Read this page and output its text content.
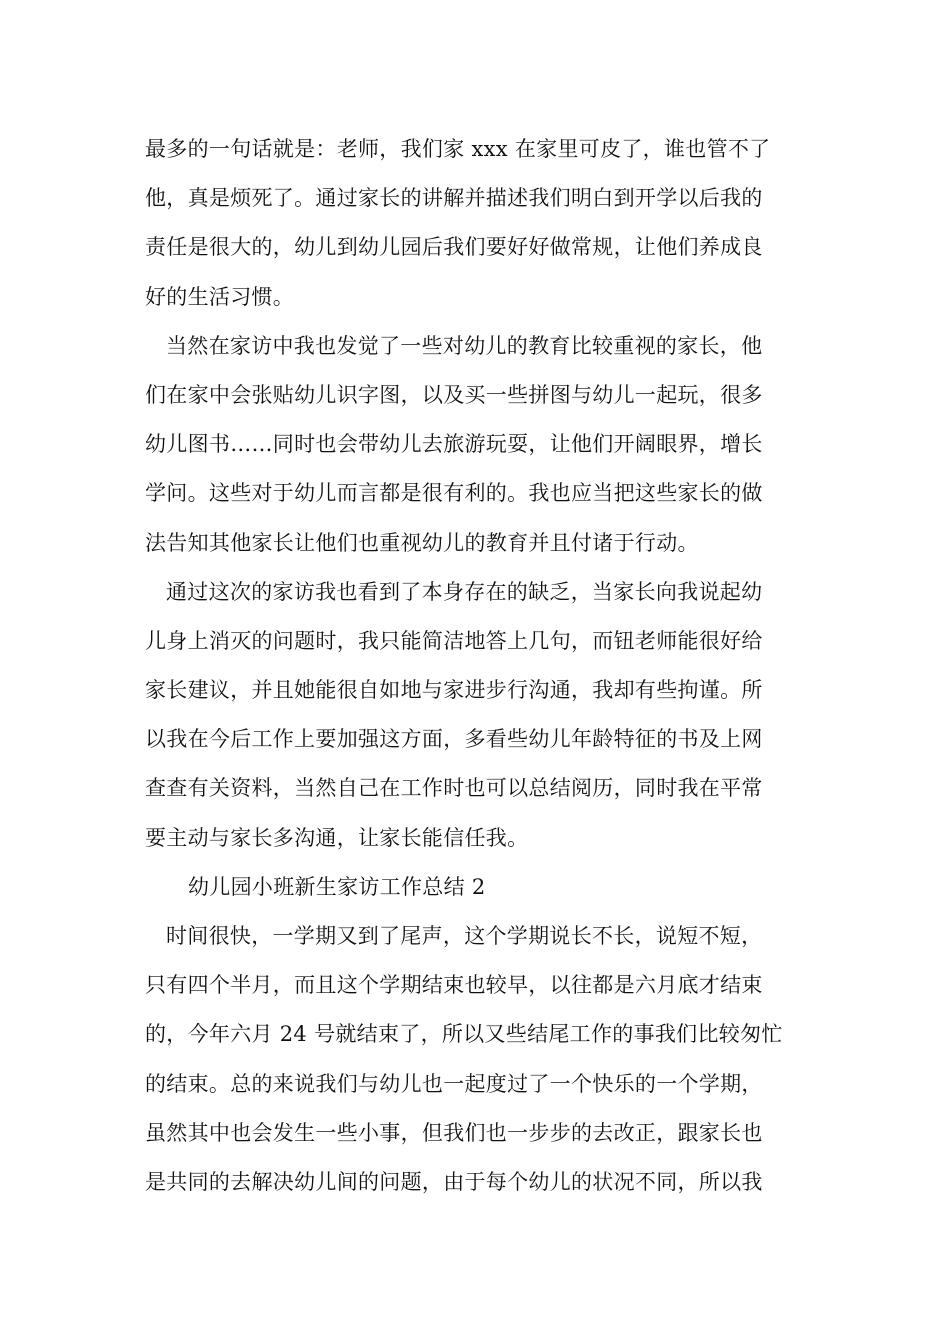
最多的一句话就是：老师，我们家 xxx 在家里可皮了，谁也管不了
他，真是烦死了。通过家长的讲解并描述我们明白到开学以后我的
责任是很大的，幼儿到幼儿园后我们要好好做常规，让他们养成良
好的生活习惯。
当然在家访中我也发觉了一些对幼儿的教育比较重视的家长，他
们在家中会张贴幼儿识字图，以及买一些拼图与幼儿一起玩，很多
幼儿图书……同时也会带幼儿去旅游玩耍，让他们开阔眼界，增长
学问。这些对于幼儿而言都是很有利的。我也应当把这些家长的做
法告知其他家长让他们也重视幼儿的教育并且付诸于行动。
通过这次的家访我也看到了本身存在的缺乏，当家长向我说起幼
儿身上消灭的问题时，我只能简洁地答上几句，而钮老师能很好给
家长建议，并且她能很自如地与家进步行沟通，我却有些拘谨。所
以我在今后工作上要加强这方面，多看些幼儿年龄特征的书及上网
查查有关资料，当然自己在工作时也可以总结阅历，同时我在平常
要主动与家长多沟通，让家长能信任我。
幼儿园小班新生家访工作总结 2
时间很快，一学期又到了尾声，这个学期说长不长，说短不短，
只有四个半月，而且这个学期结束也较早，以往都是六月底才结束
的，今年六月 24 号就结束了，所以又些结尾工作的事我们比较匆忙
的结束。总的来说我们与幼儿也一起度过了一个快乐的一个学期，
虽然其中也会发生一些小事，但我们也一步步的去改正，跟家长也
是共同的去解决幼儿间的问题，由于每个幼儿的状况不同，所以我
